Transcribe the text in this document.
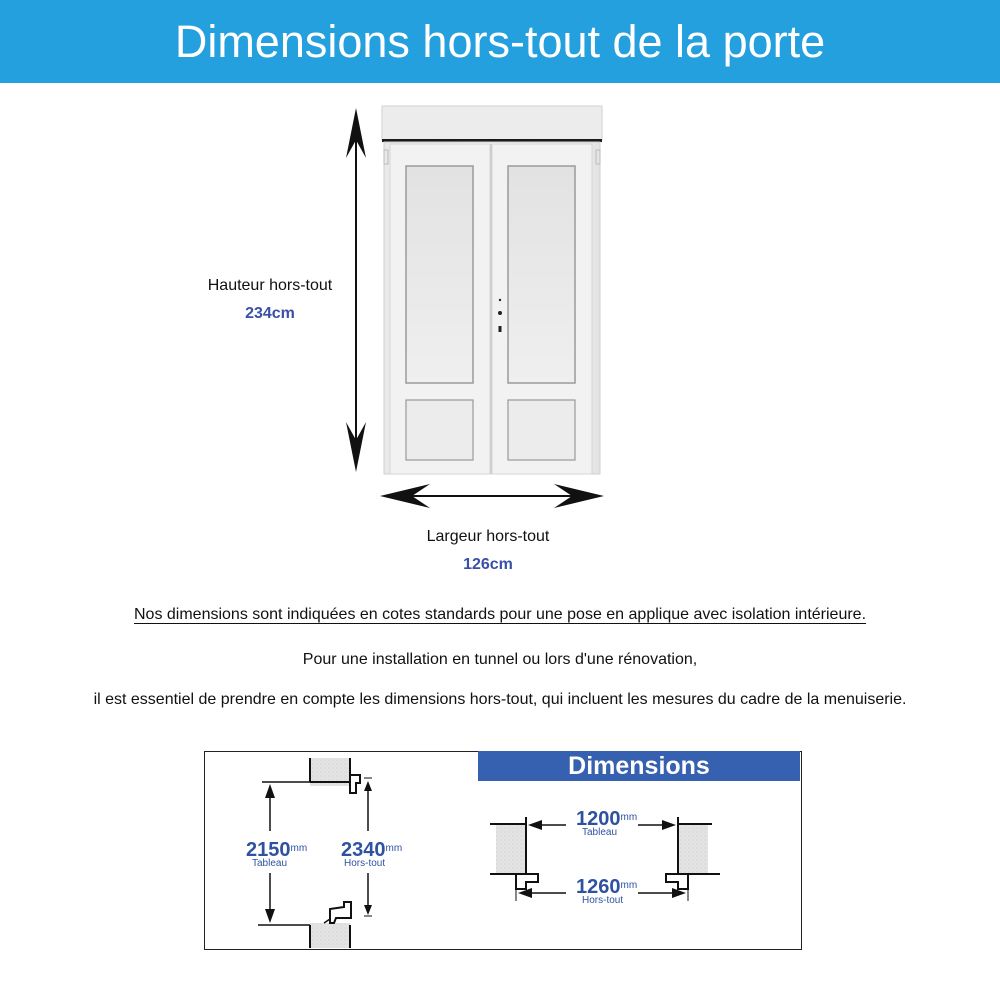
Dimensions hors-tout de la porte
Hauteur hors-tout
234cm
Largeur hors-tout
126cm
Nos dimensions sont indiquées en cotes standards pour une pose en applique avec isolation intérieure.
Pour une installation en tunnel ou lors d'une rénovation,
il est essentiel de prendre en compte les dimensions hors-tout, qui incluent les mesures du cadre de la menuiserie.
Dimensions
$2150^{mm}$
Tableau
$2340^{mm}$
Hors-tout
$1200^{mm}$
Tableau
$1260^{mm}$
Hors-tout
